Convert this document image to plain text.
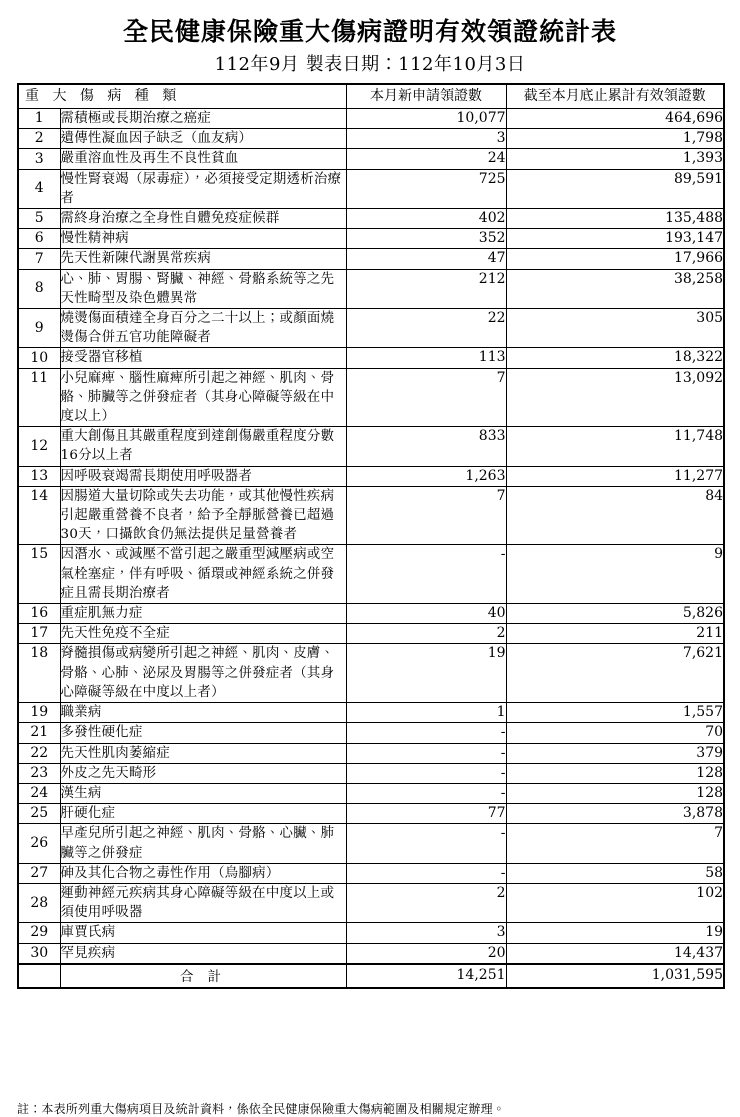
全民健康保險重大傷病證明有效領證統計表
112年9月 製表日期：112年10月3日
重 大 傷 病 種 類		本月新申請領證數	截至本月底止累計有效領證數
1	需積極或長期治療之癌症	10,077	464,696
2	遺傳性凝血因子缺乏（血友病）	3	1,798
3	嚴重溶血性及再生不良性貧血	24	1,393
4	慢性腎衰竭（尿毒症），必須接受定期透析治療者	725	89,591
5	需終身治療之全身性自體免疫症候群	402	135,488
6	慢性精神病	352	193,147
7	先天性新陳代謝異常疾病	47	17,966
8	心、肺、胃腸、腎臟、神經、骨骼系統等之先天性畸型及染色體異常	212	38,258
9	燒燙傷面積達全身百分之二十以上；或顏面燒燙傷合併五官功能障礙者	22	305
10	接受器官移植	113	18,322
11	小兒麻痺、腦性麻痺所引起之神經、肌肉、骨骼、肺臟等之併發症者（其身心障礙等級在中度以上）	7	13,092
12	重大創傷且其嚴重程度到達創傷嚴重程度分數16分以上者	833	11,748
13	因呼吸衰竭需長期使用呼吸器者	1,263	11,277
14	因腸道大量切除或失去功能，或其他慢性疾病引起嚴重營養不良者，給予全靜脈營養已超過30天，口攝飲食仍無法提供足量營養者	7	84
15	因潛水、或減壓不當引起之嚴重型減壓病或空氣栓塞症，伴有呼吸、循環或神經系統之併發症且需長期治療者	-	9
16	重症肌無力症	40	5,826
17	先天性免疫不全症	2	211
18	脊髓損傷或病變所引起之神經、肌肉、皮膚、骨骼、心肺、泌尿及胃腸等之併發症者（其身心障礙等級在中度以上者）	19	7,621
19	職業病	1	1,557
21	多發性硬化症	-	70
22	先天性肌肉萎縮症	-	379
23	外皮之先天畸形	-	128
24	漢生病	-	128
25	肝硬化症	77	3,878
26	早產兒所引起之神經、肌肉、骨骼、心臟、肺臟等之併發症	-	7
27	砷及其化合物之毒性作用（烏腳病）	-	58
28	運動神經元疾病其身心障礙等級在中度以上或須使用呼吸器	2	102
29	庫賈氏病	3	19
30	罕見疾病	20	14,437
	合 計	14,251	1,031,595
註：本表所列重大傷病項目及統計資料，係依全民健康保險重大傷病範圍及相關規定辦理。
